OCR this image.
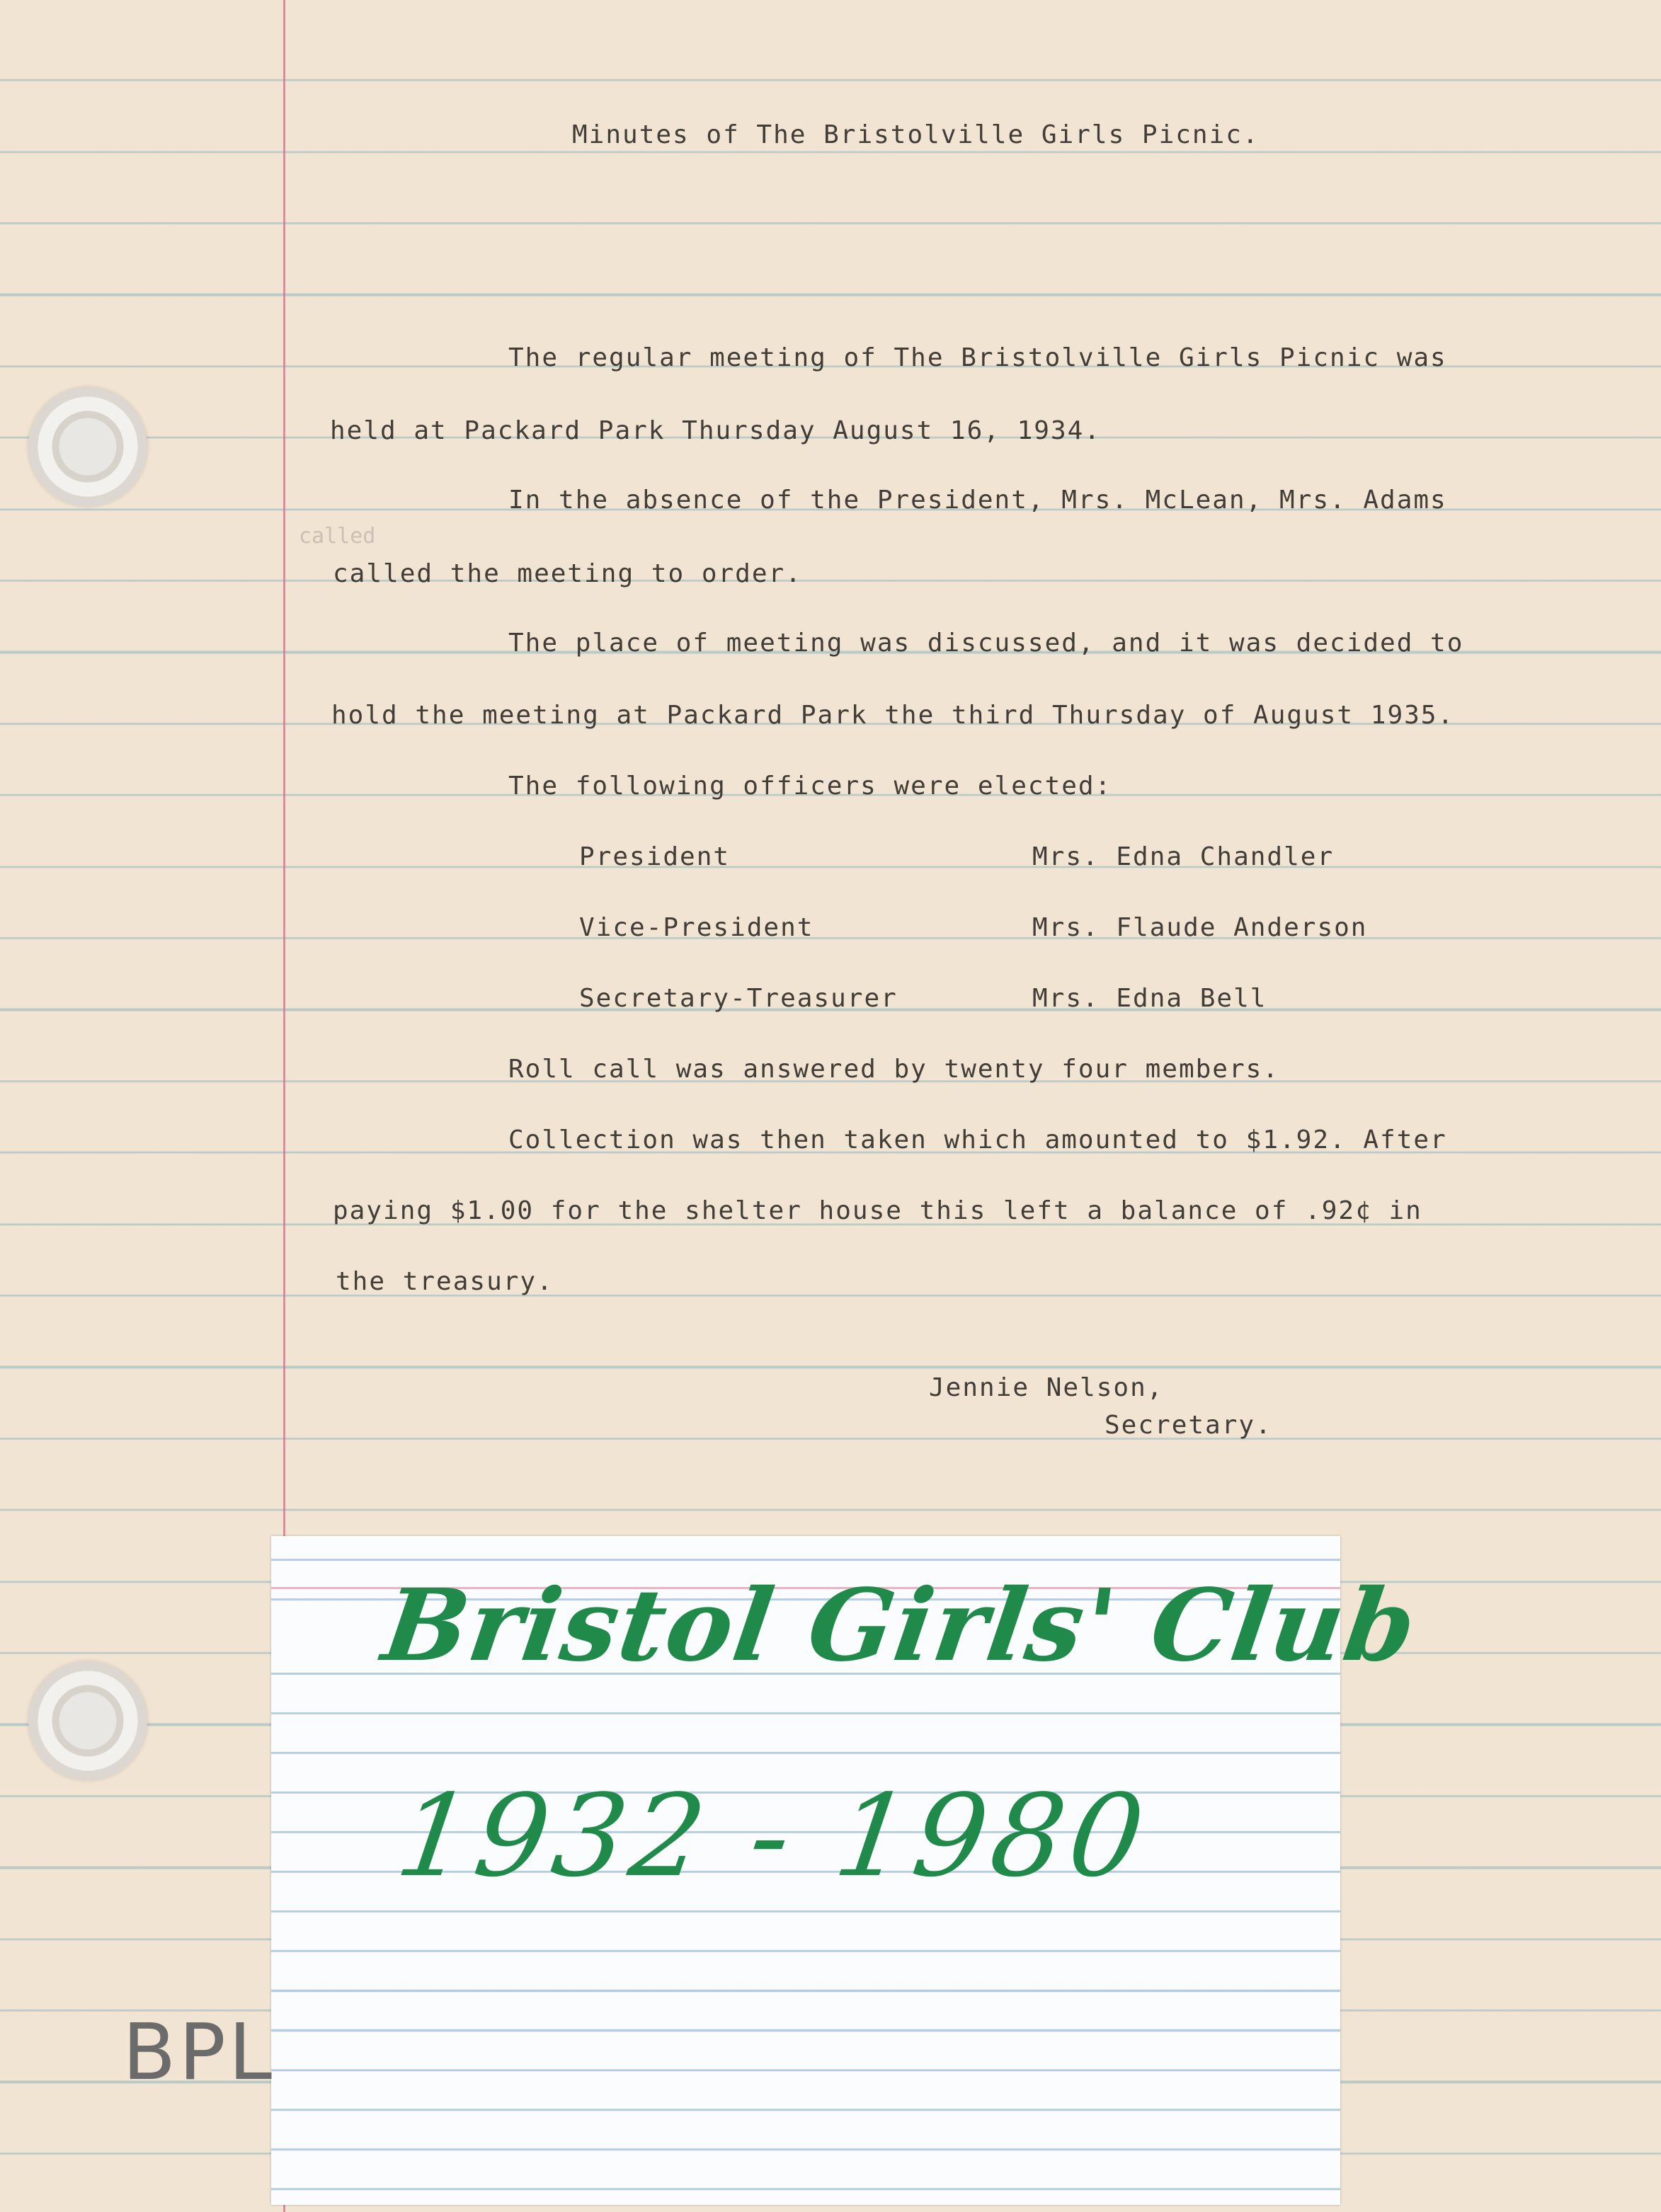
Minutes of The Bristolville Girls Picnic.

The regular meeting of The Bristolville Girls Picnic was

held at Packard Park Thursday August 16, 1934.

In the absence of the President, Mrs. McLean, Mrs. Adams

called

called the meeting to order.

The place of meeting was discussed, and it was decided to

hold the meeting at Packard Park the third Thursday of August 1935.

The following officers were elected:

President	Mrs. Edna Chandler

Vice-President	Mrs. Flaude Anderson

Secretary-Treasurer	Mrs. Edna Bell

Roll call was answered by twenty four members.

Collection was then taken which amounted to $1.92. After

paying $1.00 for the shelter house this left a balance of .92¢ in

the treasury.

Jennie Nelson,

Secretary.

Bristol Girls' Club

1932 - 1980

BPL
